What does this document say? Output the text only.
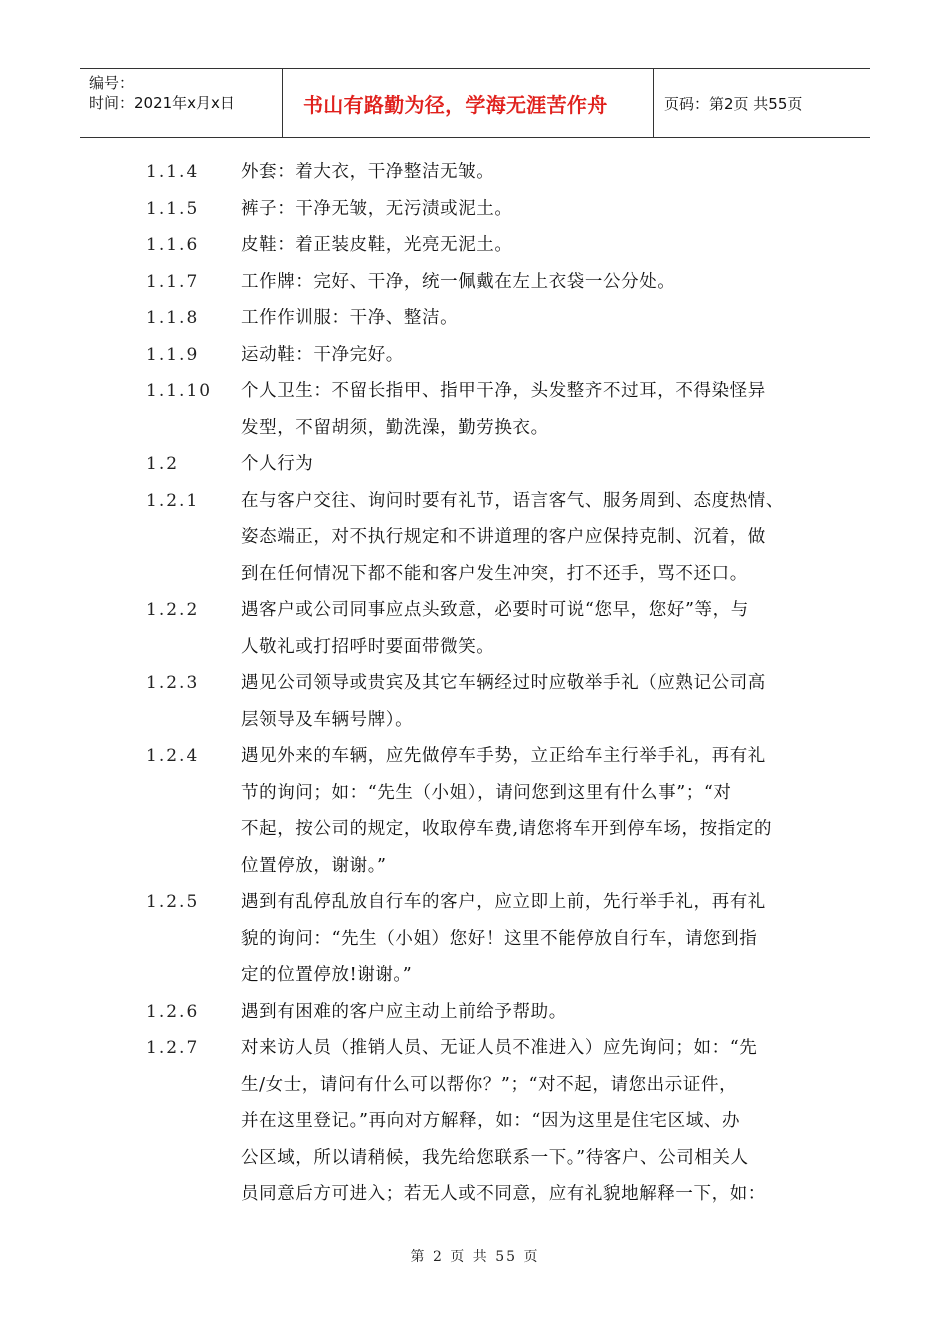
编号：
时间：2021年x月x日	书山有路勤为径，学海无涯苦作舟	页码：第2页 共55页
1.1.4 外套：着大衣，干净整洁无皱。
1.1.5 裤子：干净无皱，无污渍或泥土。
1.1.6 皮鞋：着正装皮鞋，光亮无泥土。
1.1.7 工作牌：完好、干净，统一佩戴在左上衣袋一公分处。
1.1.8 工作作训服：干净、整洁。
1.1.9 运动鞋：干净完好。
1.1.10 个人卫生：不留长指甲、指甲干净，头发整齐不过耳，不得染怪异
发型，不留胡须，勤洗澡，勤劳换衣。
1.2	个人行为
1.2.1 在与客户交往、询问时要有礼节，语言客气、服务周到、态度热情、
姿态端正，对不执行规定和不讲道理的客户应保持克制、沉着，做
到在任何情况下都不能和客户发生冲突，打不还手，骂不还口。
1.2.2 遇客户或公司同事应点头致意，必要时可说“您早，您好”等，与
人敬礼或打招呼时要面带微笑。
1.2.3 遇见公司领导或贵宾及其它车辆经过时应敬举手礼（应熟记公司高
层领导及车辆号牌）。
1.2.4 遇见外来的车辆，应先做停车手势，立正给车主行举手礼，再有礼
节的询问；如：“先生（小姐），请问您到这里有什么事”；“对
不起，按公司的规定，收取停车费,请您将车开到停车场，按指定的
位置停放，谢谢。”
1.2.5 遇到有乱停乱放自行车的客户，应立即上前，先行举手礼，再有礼
貌的询问：“先生（小姐）您好！这里不能停放自行车，请您到指
定的位置停放!谢谢。”
1.2.6 遇到有困难的客户应主动上前给予帮助。
1.2.7 对来访人员（推销人员、无证人员不准进入）应先询问；如：“先
生/女士，请问有什么可以帮你？”；“对不起，请您出示证件，
并在这里登记。”再向对方解释，如：“因为这里是住宅区域、办
公区域，所以请稍候，我先给您联系一下。”待客户、公司相关人
员同意后方可进入；若无人或不同意，应有礼貌地解释一下，如：
第 2 页 共 55 页
